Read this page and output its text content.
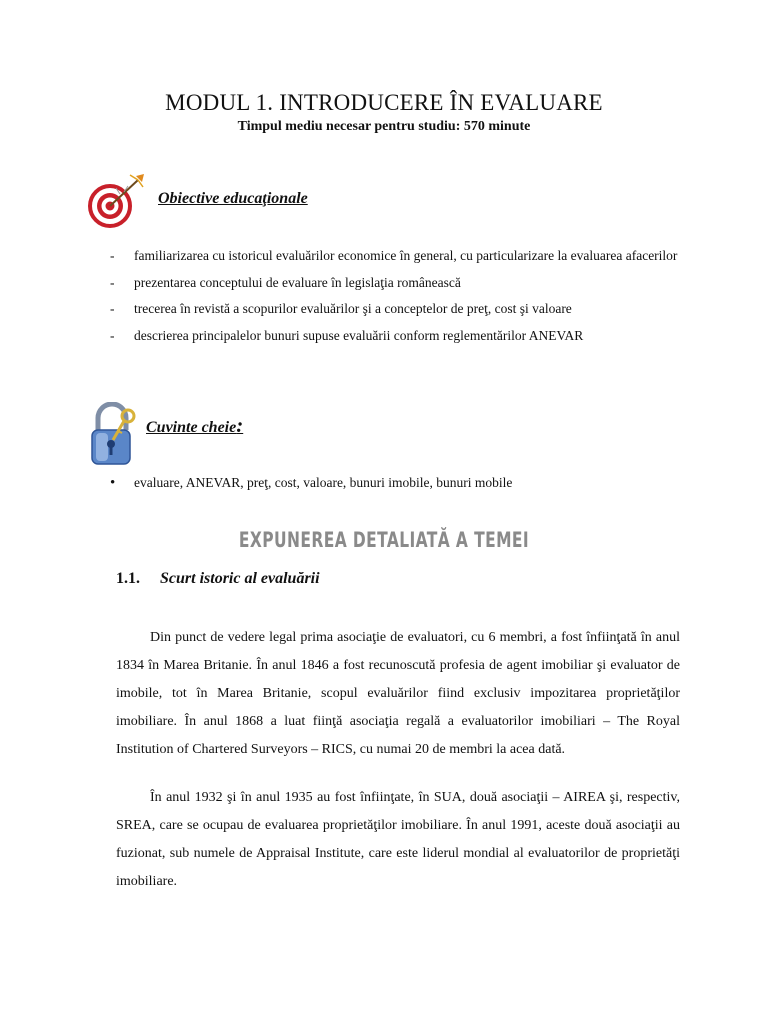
MODUL 1. INTRODUCERE ÎN EVALUARE
Timpul mediu necesar pentru studiu: 570 minute
Obiective educaţionale
- familiarizarea cu istoricul evaluărilor economice în general, cu particularizare la evaluarea afacerilor
- prezentarea conceptului de evaluare în legislaţia românească
- trecerea în revistă a scopurilor evaluărilor şi a conceptelor de preţ, cost şi valoare
- descrierea principalelor bunuri supuse evaluării conform reglementărilor ANEVAR
Cuvinte cheie:
• evaluare, ANEVAR, preţ, cost, valoare, bunuri imobile, bunuri mobile
EXPUNEREA DETALIATĂ A TEMEI
1.1. Scurt istoric al evaluării

Din punct de vedere legal prima asociaţie de evaluatori, cu 6 membri, a fost înfiinţată în anul 1834 în Marea Britanie. În anul 1846 a fost recunoscută profesia de agent imobiliar şi evaluator de imobile, tot în Marea Britanie, scopul evaluărilor fiind exclusiv impozitarea proprietăţilor imobiliare. În anul 1868 a luat fiinţă asociaţia regală a evaluatorilor imobiliari – The Royal Institution of Chartered Surveyors – RICS, cu numai 20 de membri la acea dată.

În anul 1932 şi în anul 1935 au fost înfiinţate, în SUA, două asociaţii – AIREA şi, respectiv, SREA, care se ocupau de evaluarea proprietăţilor imobiliare. În anul 1991, aceste două asociaţii au fuzionat, sub numele de Appraisal Institute, care este liderul mondial al evaluatorilor de proprietăţi imobiliare.
